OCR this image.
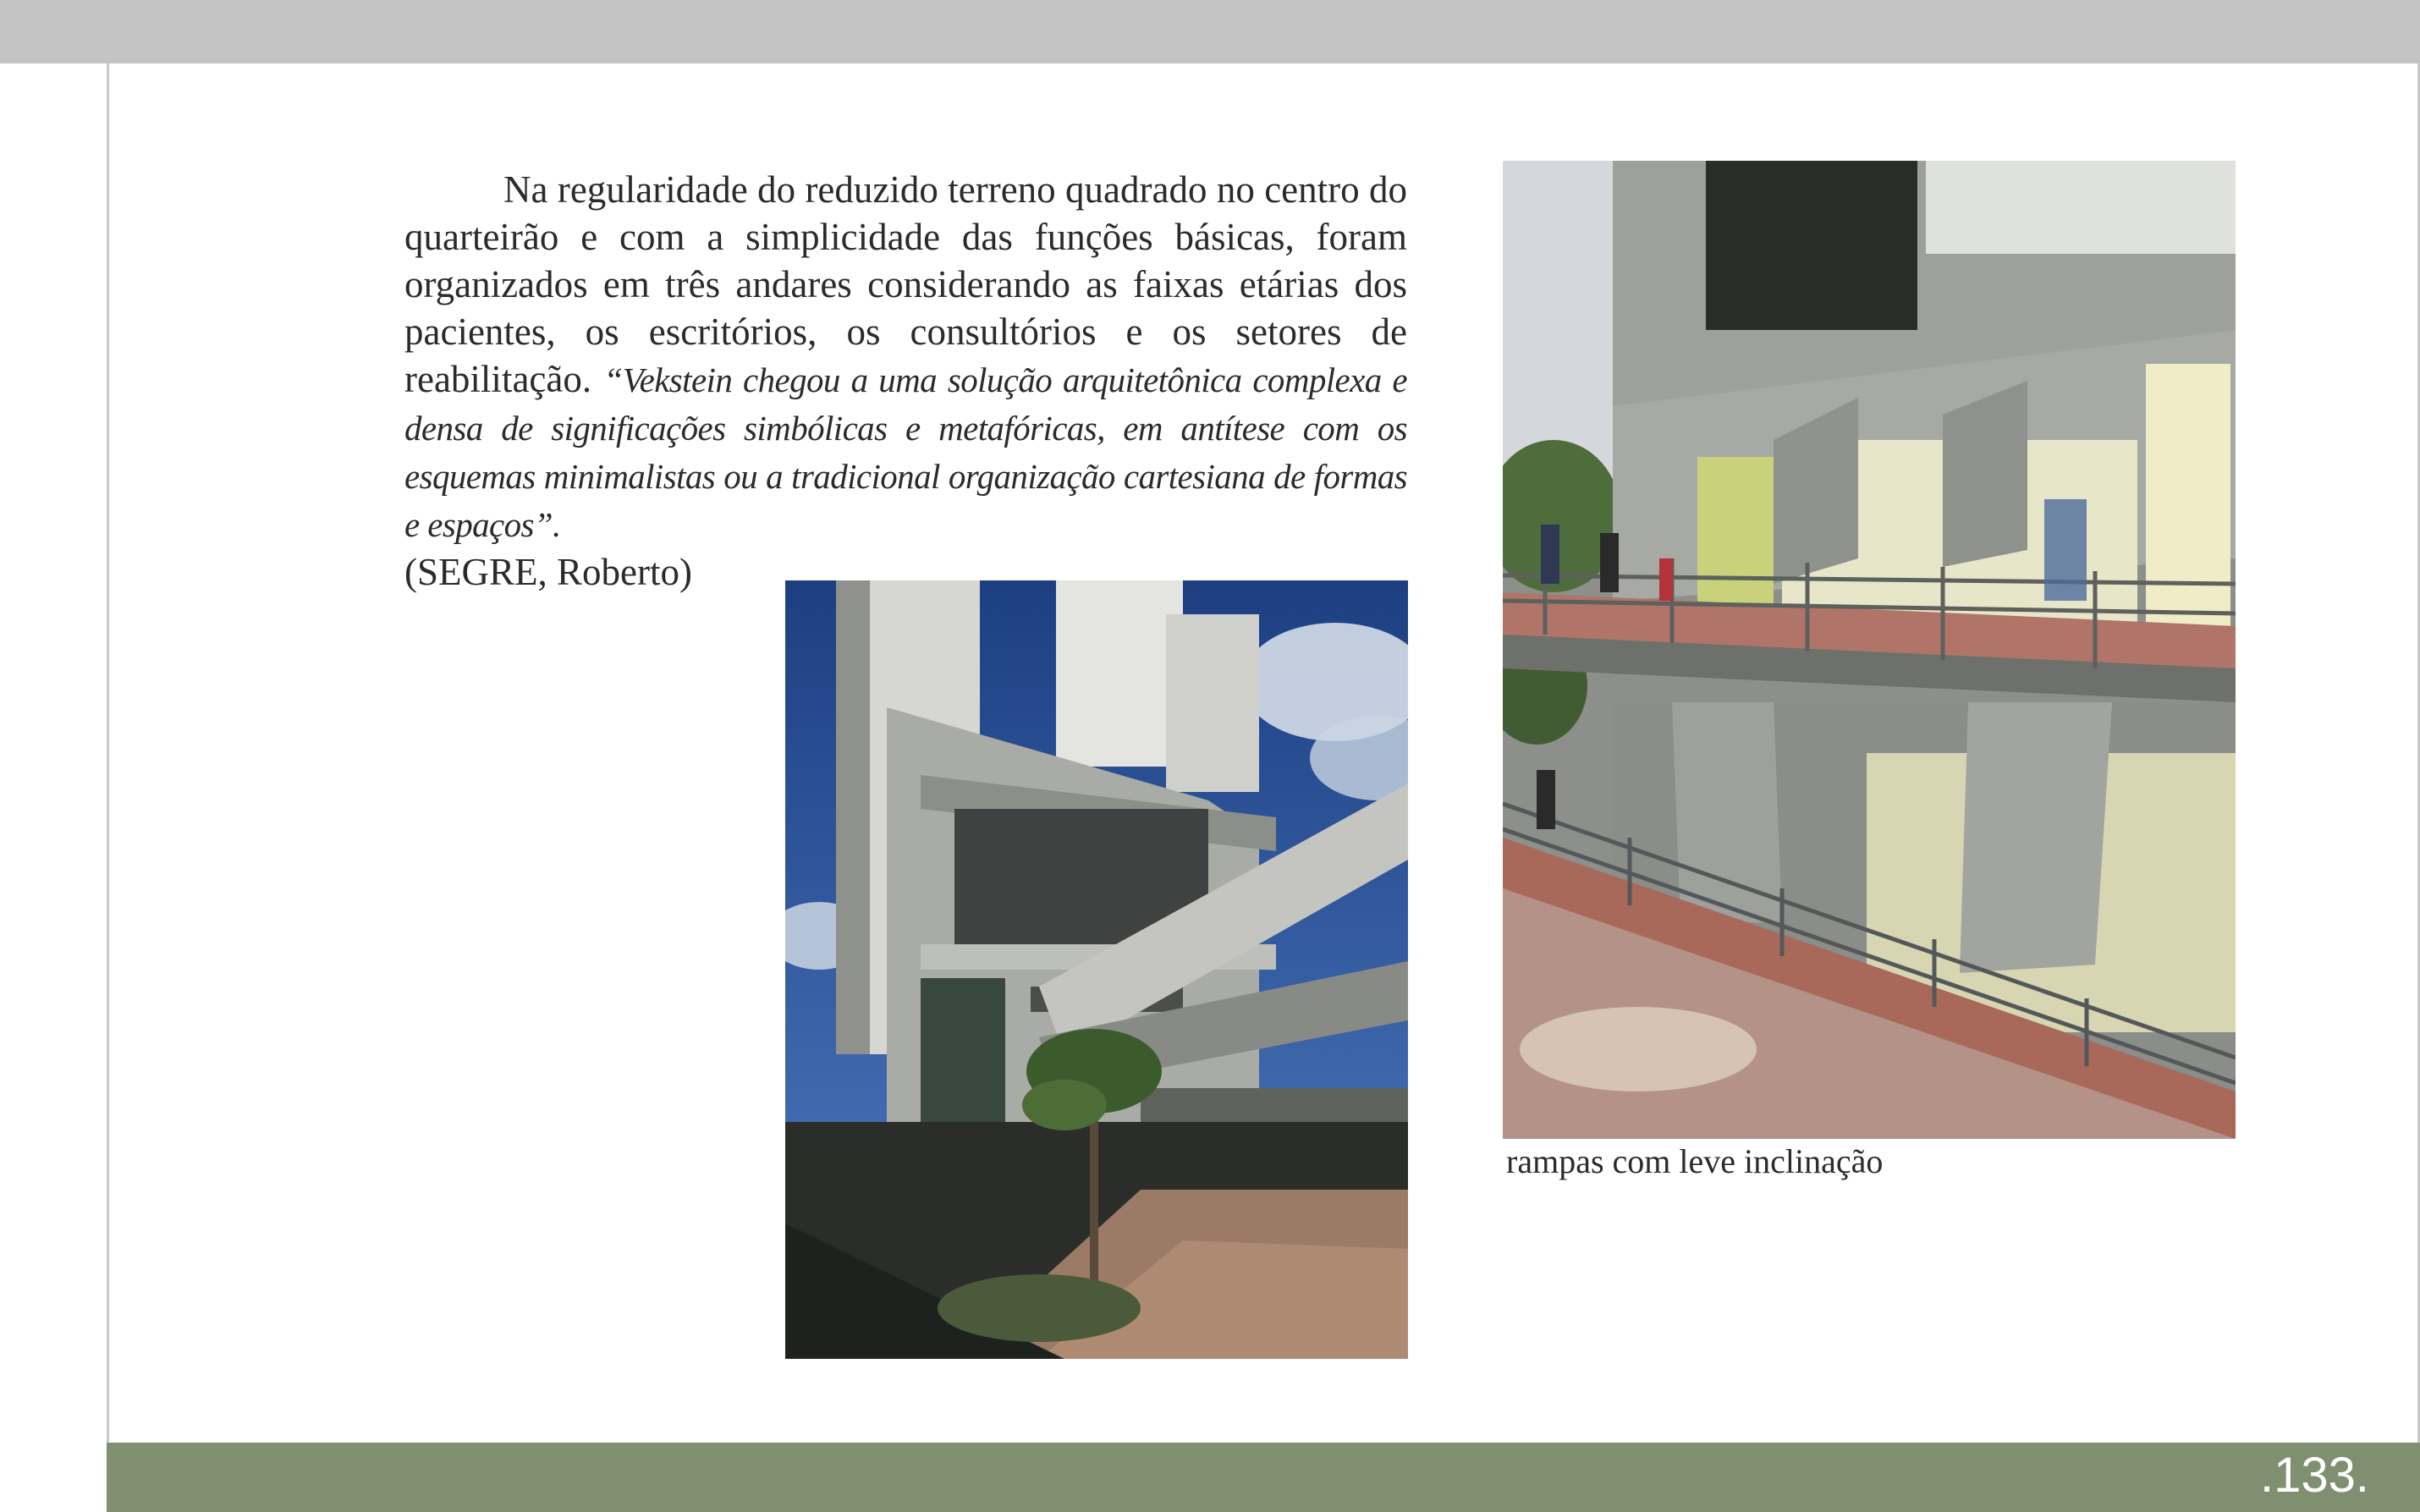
Na regularidade do reduzido terreno quadrado no centro do quarteirão e com a simplicidade das funções básicas, foram organizados em três andares considerando as faixas etárias dos pacientes, os escritórios, os consultórios e os setores de reabilitação. “Vekstein chegou a uma solução arquitetônica complexa e densa de significações simbólicas e metafóricas, em antítese com os esquemas minimalistas ou a tradicional organização cartesiana de formas e espaços”.
(SEGRE, Roberto)
rampas com leve inclinação
.133.
